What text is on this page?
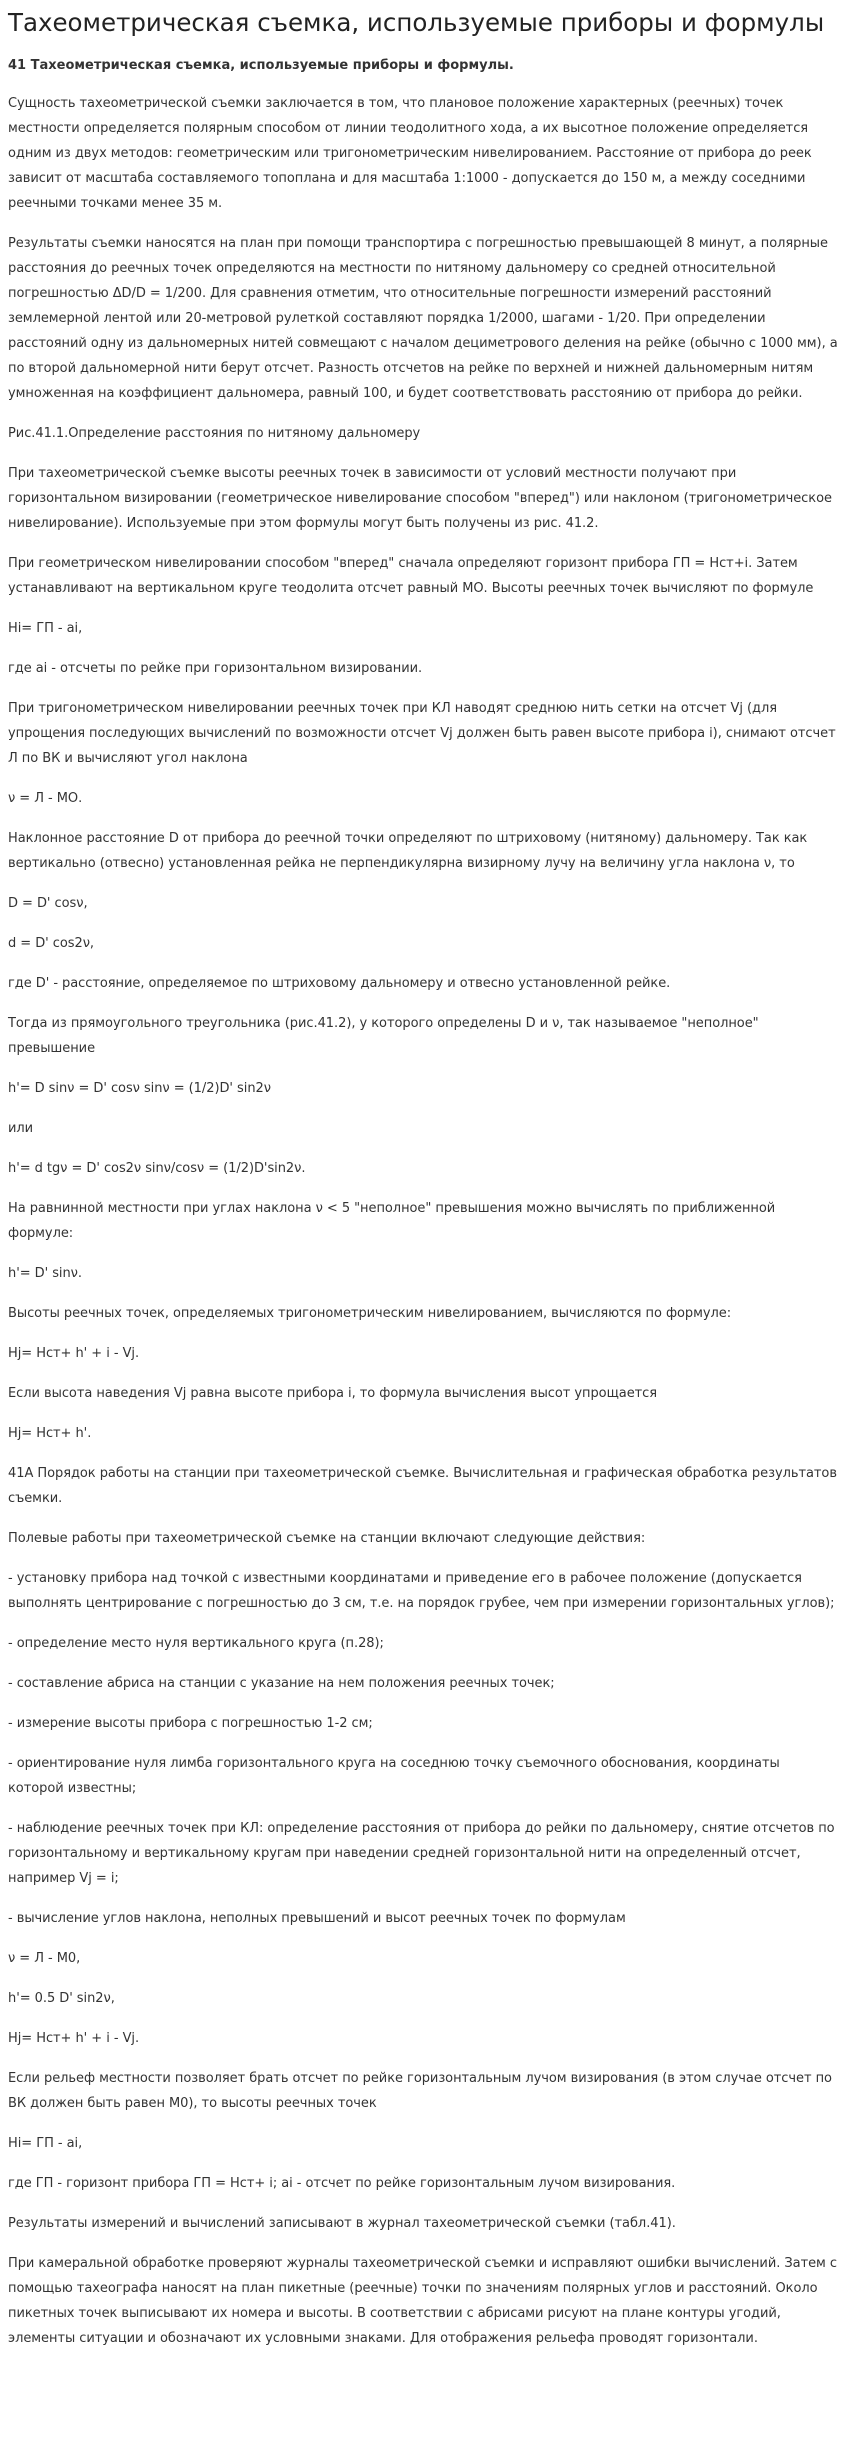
Тахеометрическая съемка, используемые приборы и формулы
41 Тахеометрическая съемка, используемые приборы и формулы.

Сущность тахеометрической съемки заключается в том, что плановое положение характерных (реечных) точек местности определяется полярным способом от линии теодолитного хода, а их высотное положение определяется одним из двух методов: геометрическим или тригонометрическим нивелированием. Расстояние от прибора до реек зависит от масштаба составляемого топоплана и для масштаба 1:1000 - допускается до 150 м, а между соседними реечными точками менее 35 м.

Результаты съемки наносятся на план при помощи транспортира с погрешностью превышающей 8 минут, а полярные расстояния до реечных точек определяются на местности по нитяному дальномеру со средней относительной погрешностью ΔD/D = 1/200. Для сравнения отметим, что относительные погрешности измерений расстояний землемерной лентой или 20-метровой рулеткой составляют порядка 1/2000, шагами - 1/20. При определении расстояний одну из дальномерных нитей совмещают с началом дециметрового деления на рейке (обычно с 1000 мм), а по второй дальномерной нити берут отсчет. Разность отсчетов на рейке по верхней и нижней дальномерным нитям умноженная на коэффициент дальномера, равный 100, и будет соответствовать расстоянию от прибора до рейки.

Рис.41.1.Определение расстояния по нитяному дальномеру

При тахеометрической съемке высоты реечных точек в зависимости от условий местности получают при горизонтальном визировании (геометрическое нивелирование способом "вперед") или наклоном (тригонометрическое нивелирование). Используемые при этом формулы могут быть получены из рис. 41.2.

При геометрическом нивелировании способом "вперед" сначала определяют горизонт прибора ГП = Hст+i. Затем устанавливают на вертикальном круге теодолита отсчет равный МО. Высоты реечных точек вычисляют по формуле

Hi= ГП - ai,

где ai - отсчеты по рейке при горизонтальном визировании.

При тригонометрическом нивелировании реечных точек при КЛ наводят среднюю нить сетки на отсчет Vj (для упрощения последующих вычислений по возможности отсчет Vj должен быть равен высоте прибора i), снимают отсчет Л по ВК и вычисляют угол наклона

ν = Л - МО.

Наклонное расстояние D от прибора до реечной точки определяют по штриховому (нитяному) дальномеру. Так как вертикально (отвесно) установленная рейка не перпендикулярна визирному лучу на величину угла наклона ν, то

D = D' cosν,

d = D' cos2ν,

где D' - расстояние, определяемое по штриховому дальномеру и отвесно установленной рейке.

Тогда из прямоугольного треугольника (рис.41.2), у которого определены D и ν, так называемое "неполное" превышение

h'= D sinν = D' cosν sinν = (1/2)D' sin2ν

или

h'= d tgν = D' cos2ν sinν/cosν = (1/2)D'sin2ν.

На равнинной местности при углах наклона ν < 5 "неполное" превышения можно вычислять по приближенной формуле:

h'= D' sinν.

Высоты реечных точек, определяемых тригонометрическим нивелированием, вычисляются по формуле:

Hj= Hст+ h' + i - Vj.

Если высота наведения Vj равна высоте прибора i, то формула вычисления высот упрощается

Hj= Hст+ h'.

41А Порядок работы на станции при тахеометрической съемке. Вычислительная и графическая обработка результатов съемки.

Полевые работы при тахеометрической съемке на станции включают следующие действия:

- установку прибора над точкой с известными координатами и приведение его в рабочее положение (допускается выполнять центрирование с погрешностью до 3 см, т.е. на порядок грубее, чем при измерении горизонтальных углов);

- определение место нуля вертикального круга (п.28);

- составление абриса на станции с указание на нем положения реечных точек;

- измерение высоты прибора с погрешностью 1-2 см;

- ориентирование нуля лимба горизонтального круга на соседнюю точку съемочного обоснования, координаты которой известны;

- наблюдение реечных точек при КЛ: определение расстояния от прибора до рейки по дальномеру, снятие отсчетов по горизонтальному и вертикальному кругам при наведении средней горизонтальной нити на определенный отсчет, например Vj = i;

- вычисление углов наклона, неполных превышений и высот реечных точек по формулам

ν = Л - М0,

h'= 0.5 D' sin2ν,

Hj= Hст+ h' + i - Vj.

Если рельеф местности позволяет брать отсчет по рейке горизонтальным лучом визирования (в этом случае отсчет по ВК должен быть равен М0), то высоты реечных точек

Hi= ГП - ai,

где ГП - горизонт прибора ГП = Hст+ i; ai - отсчет по рейке горизонтальным лучом визирования.

Результаты измерений и вычислений записывают в журнал тахеометрической съемки (табл.41).

При камеральной обработке проверяют журналы тахеометрической съемки и исправляют ошибки вычислений. Затем с помощью тахеографа наносят на план пикетные (реечные) точки по значениям полярных углов и расстояний. Около пикетных точек выписывают их номера и высоты. В соответствии с абрисами рисуют на плане контуры угодий, элементы ситуации и обозначают их условными знаками. Для отображения рельефа проводят горизонтали.
